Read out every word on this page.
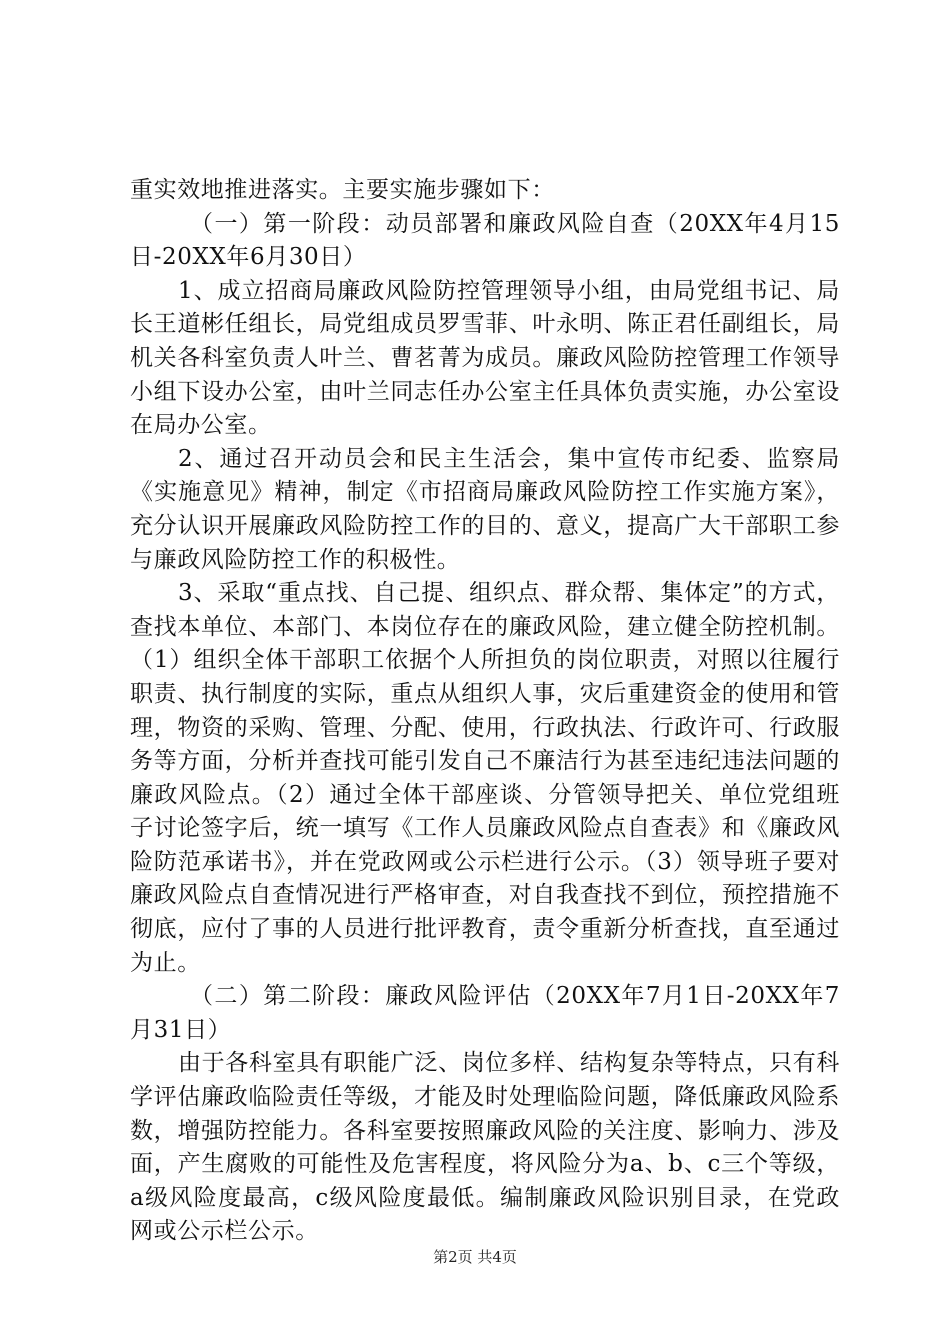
重实效地推进落实。主要实施步骤如下：

（一）第一阶段：动员部署和廉政风险自查（20XX年4月15日-20XX年6月30日）

1、成立招商局廉政风险防控管理领导小组，由局党组书记、局长王道彬任组长，局党组成员罗雪菲、叶永明、陈正君任副组长，局机关各科室负责人叶兰、曹茗菁为成员。廉政风险防控管理工作领导小组下设办公室，由叶兰同志任办公室主任具体负责实施，办公室设在局办公室。

2、通过召开动员会和民主生活会，集中宣传市纪委、监察局《实施意见》精神，制定《市招商局廉政风险防控工作实施方案》，充分认识开展廉政风险防控工作的目的、意义，提高广大干部职工参与廉政风险防控工作的积极性。

3、采取“重点找、自己提、组织点、群众帮、集体定”的方式，查找本单位、本部门、本岗位存在的廉政风险，建立健全防控机制。（1）组织全体干部职工依据个人所担负的岗位职责，对照以往履行职责、执行制度的实际，重点从组织人事，灾后重建资金的使用和管理，物资的采购、管理、分配、使用，行政执法、行政许可、行政服务等方面，分析并查找可能引发自己不廉洁行为甚至违纪违法问题的廉政风险点。（2）通过全体干部座谈、分管领导把关、单位党组班子讨论签字后，统一填写《工作人员廉政风险点自查表》和《廉政风险防范承诺书》，并在党政网或公示栏进行公示。（3）领导班子要对廉政风险点自查情况进行严格审查，对自我查找不到位，预控措施不彻底，应付了事的人员进行批评教育，责令重新分析查找，直至通过为止。

（二）第二阶段：廉政风险评估（20XX年7月1日-20XX年7月31日）

由于各科室具有职能广泛、岗位多样、结构复杂等特点，只有科学评估廉政临险责任等级，才能及时处理临险问题，降低廉政风险系数，增强防控能力。各科室要按照廉政风险的关注度、影响力、涉及面，产生腐败的可能性及危害程度，将风险分为a、b、c三个等级，a级风险度最高，c级风险度最低。编制廉政风险识别目录，在党政网或公示栏公示。

第2页 共4页
